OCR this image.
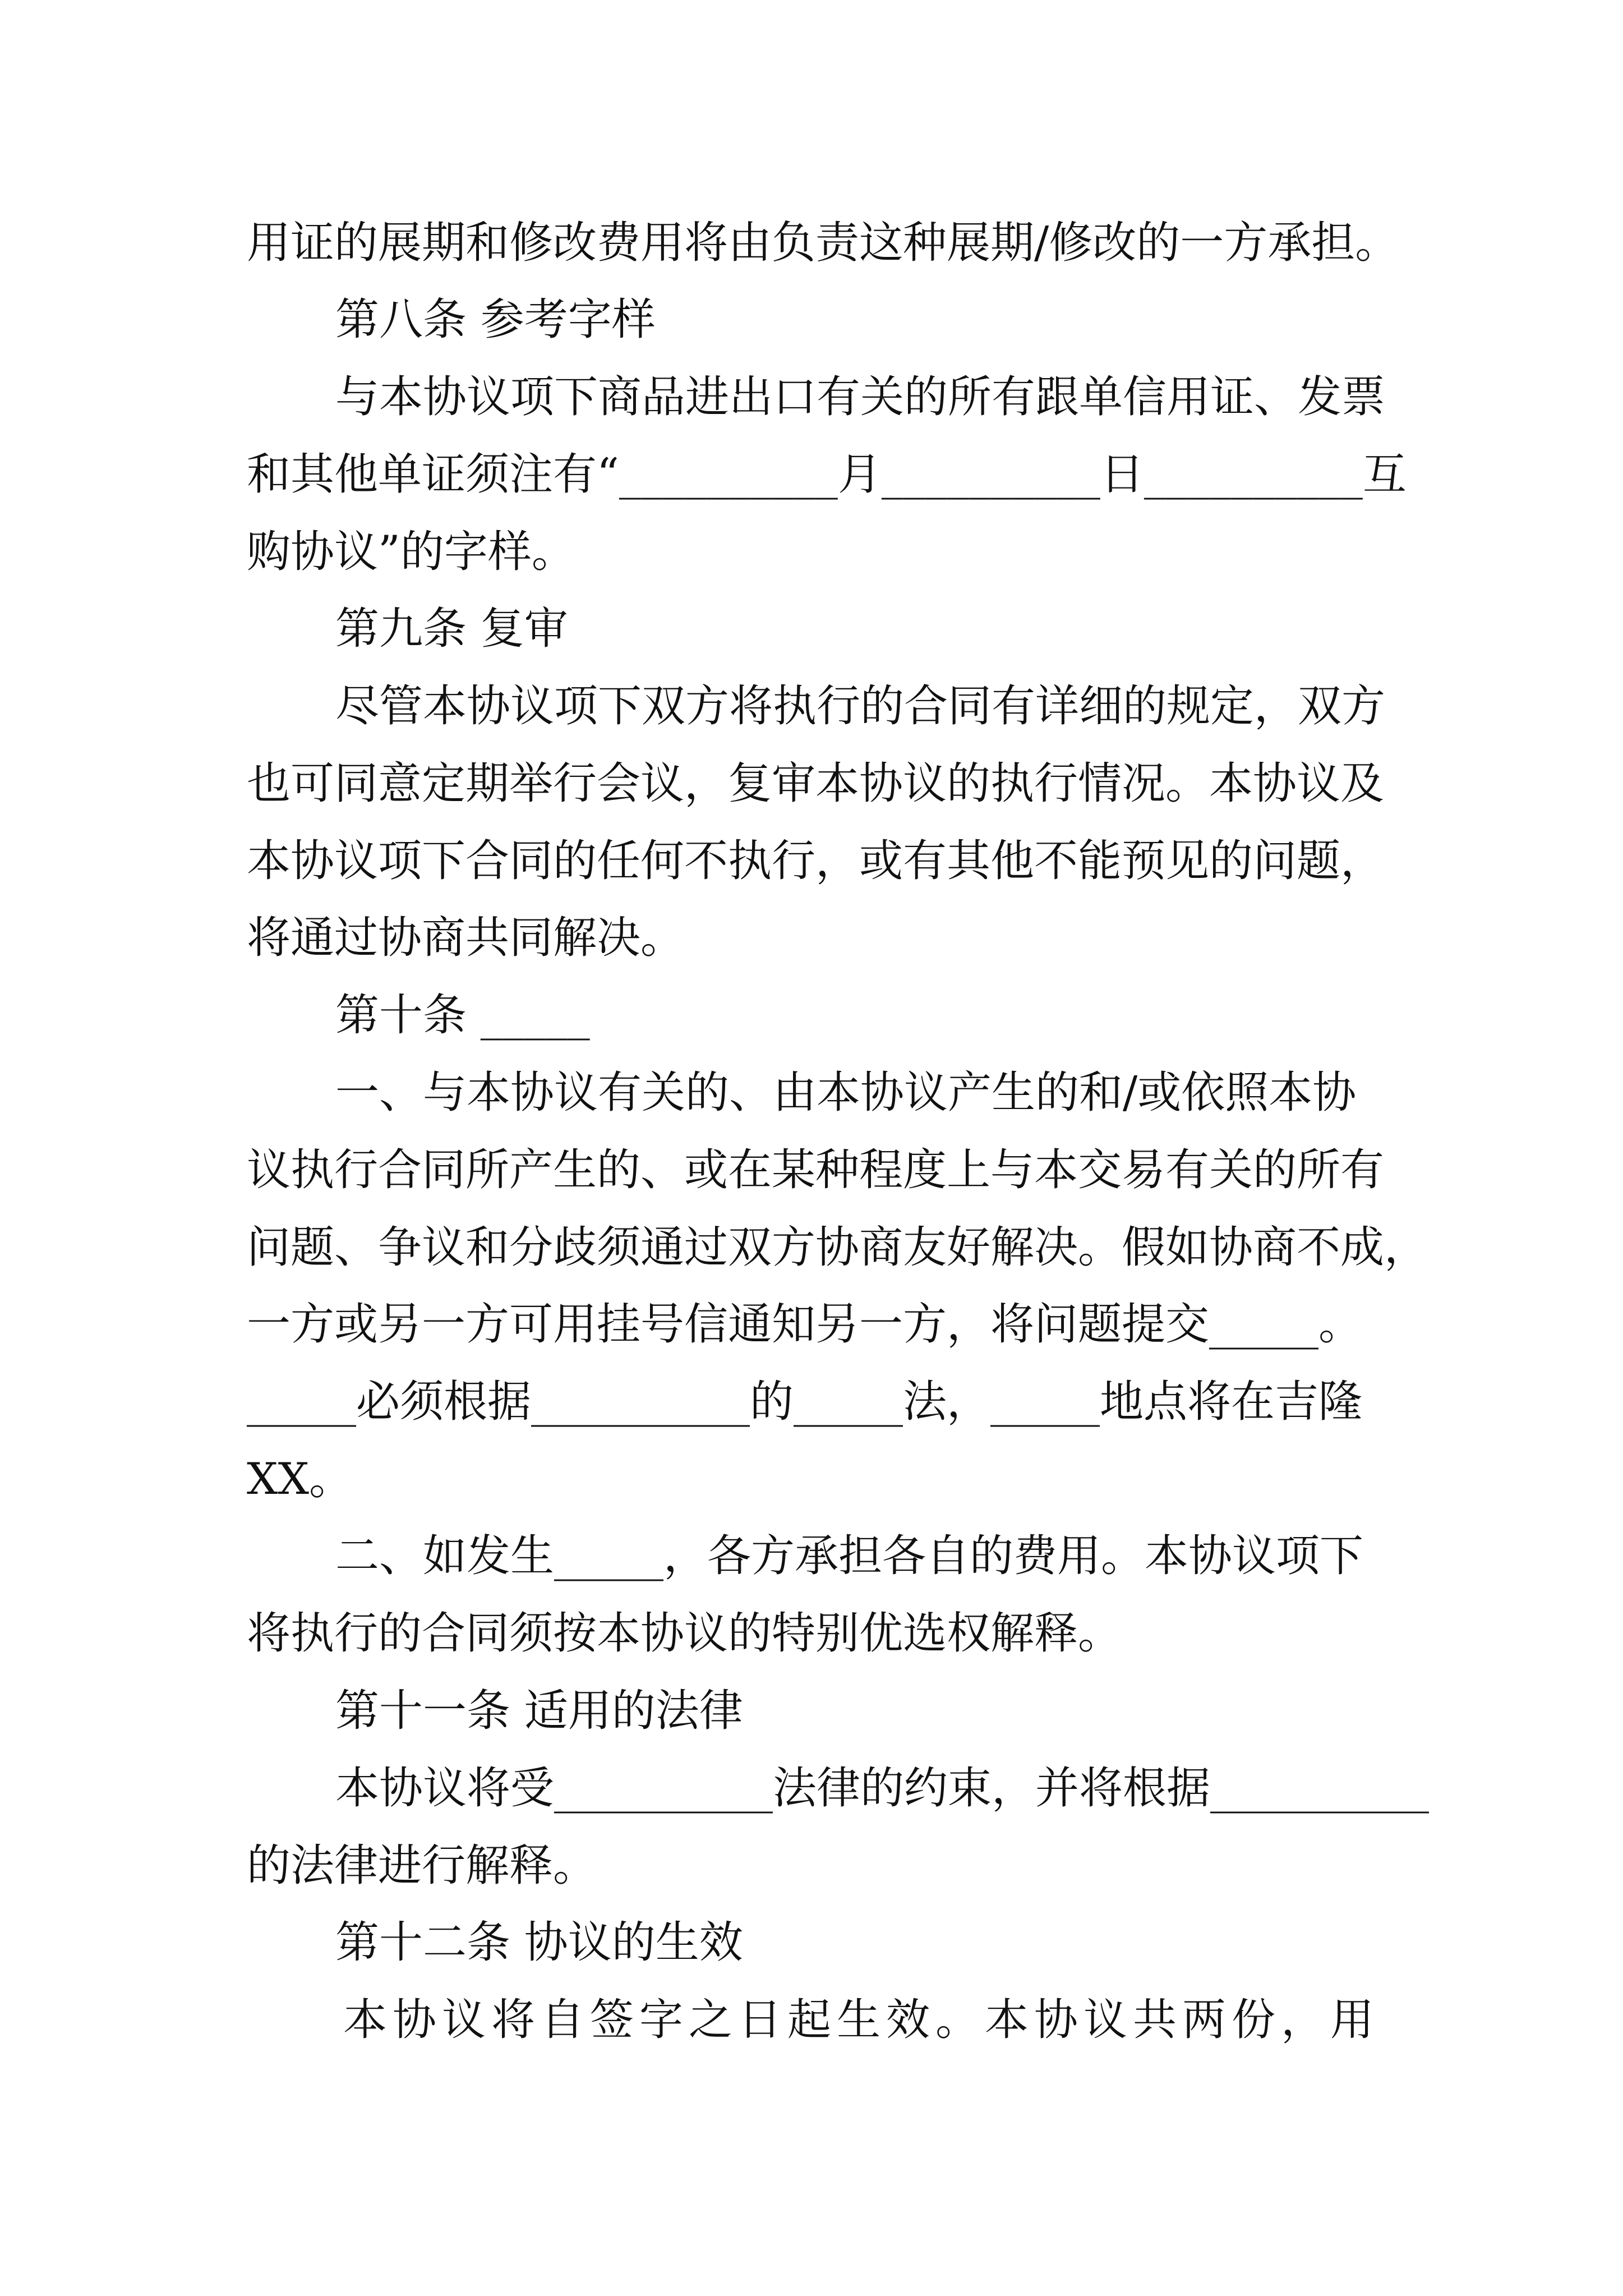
用证的展期和修改费用将由负责这种展期/修改的一方承担。
第八条 参考字样
与本协议项下商品进出口有关的所有跟单信用证、发票
和其他单证须注有“__________月__________日__________互
购协议”的字样。
第九条 复审
尽管本协议项下双方将执行的合同有详细的规定，双方
也可同意定期举行会议，复审本协议的执行情况。本协议及
本协议项下合同的任何不执行，或有其他不能预见的问题，
将通过协商共同解决。
第十条 _____
一、与本协议有关的、由本协议产生的和/或依照本协
议执行合同所产生的、或在某种程度上与本交易有关的所有
问题、争议和分歧须通过双方协商友好解决。假如协商不成，
一方或另一方可用挂号信通知另一方，将问题提交_____。
_____必须根据__________的_____法，_____地点将在吉隆
XX。
二、如发生_____，各方承担各自的费用。本协议项下
将执行的合同须按本协议的特别优选权解释。
第十一条 适用的法律
本协议将受__________法律的约束，并将根据__________
的法律进行解释。
第十二条 协议的生效
本协议将自签字之日起生效。本协议共两份，用
